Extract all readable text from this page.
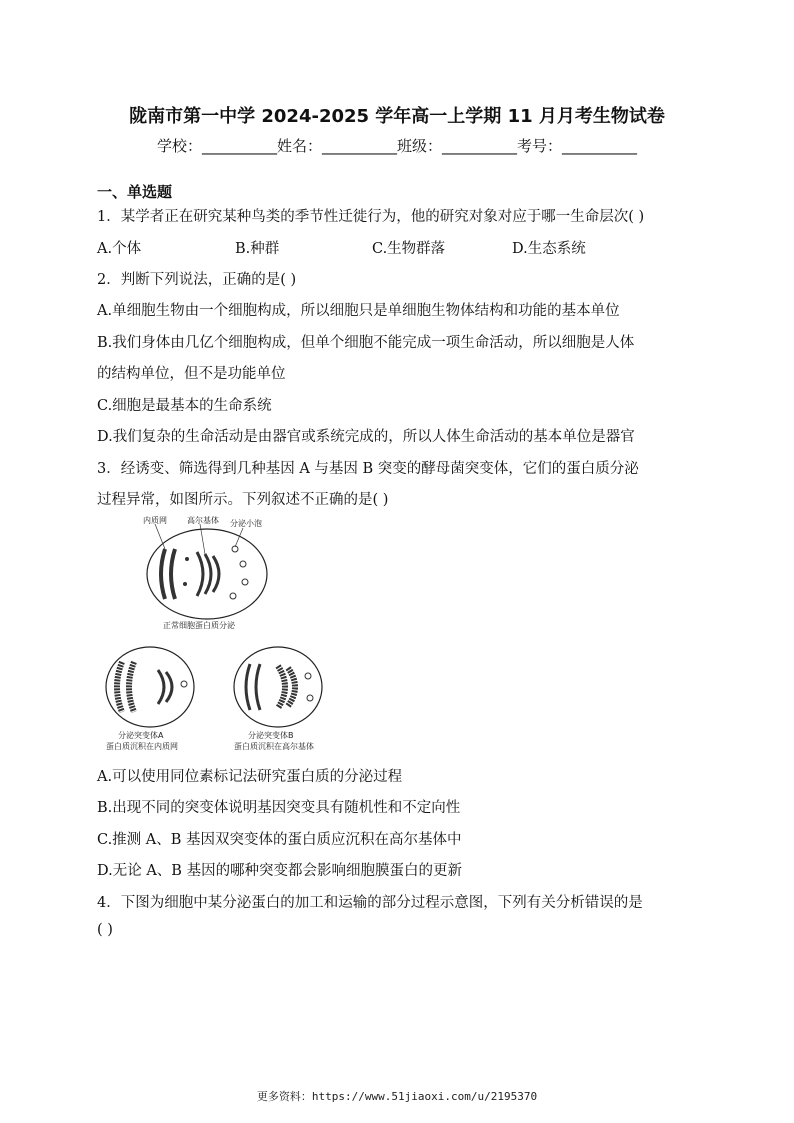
陇南市第一中学 2024-2025 学年高一上学期 11 月月考生物试卷
学校：__________姓名：__________班级：__________考号：__________
一、单选题
1．某学者正在研究某种鸟类的季节性迁徙行为，他的研究对象对应于哪一生命层次( )
A.个体	B.种群	C.生物群落	D.生态系统
2．判断下列说法，正确的是( )
A.单细胞生物由一个细胞构成，所以细胞只是单细胞生物体结构和功能的基本单位
B.我们身体由几亿个细胞构成，但单个细胞不能完成一项生命活动，所以细胞是人体
的结构单位，但不是功能单位
C.细胞是最基本的生命系统
D.我们复杂的生命活动是由器官或系统完成的，所以人体生命活动的基本单位是器官
3．经诱变、筛选得到几种基因 A 与基因 B 突变的酵母菌突变体，它们的蛋白质分泌
过程异常，如图所示。下列叙述不正确的是( )
内质网	高尔基体 分泌小泡
正常细胞蛋白质分泌
分泌突变体A
蛋白质沉积在内质网
分泌突变体B
蛋白质沉积在高尔基体
A.可以使用同位素标记法研究蛋白质的分泌过程
B.出现不同的突变体说明基因突变具有随机性和不定向性
C.推测 A、B 基因双突变体的蛋白质应沉积在高尔基体中
D.无论 A、B 基因的哪种突变都会影响细胞膜蛋白的更新
4．下图为细胞中某分泌蛋白的加工和运输的部分过程示意图，下列有关分析错误的是
( )
更多资料：https://www.51jiaoxi.com/u/2195370
